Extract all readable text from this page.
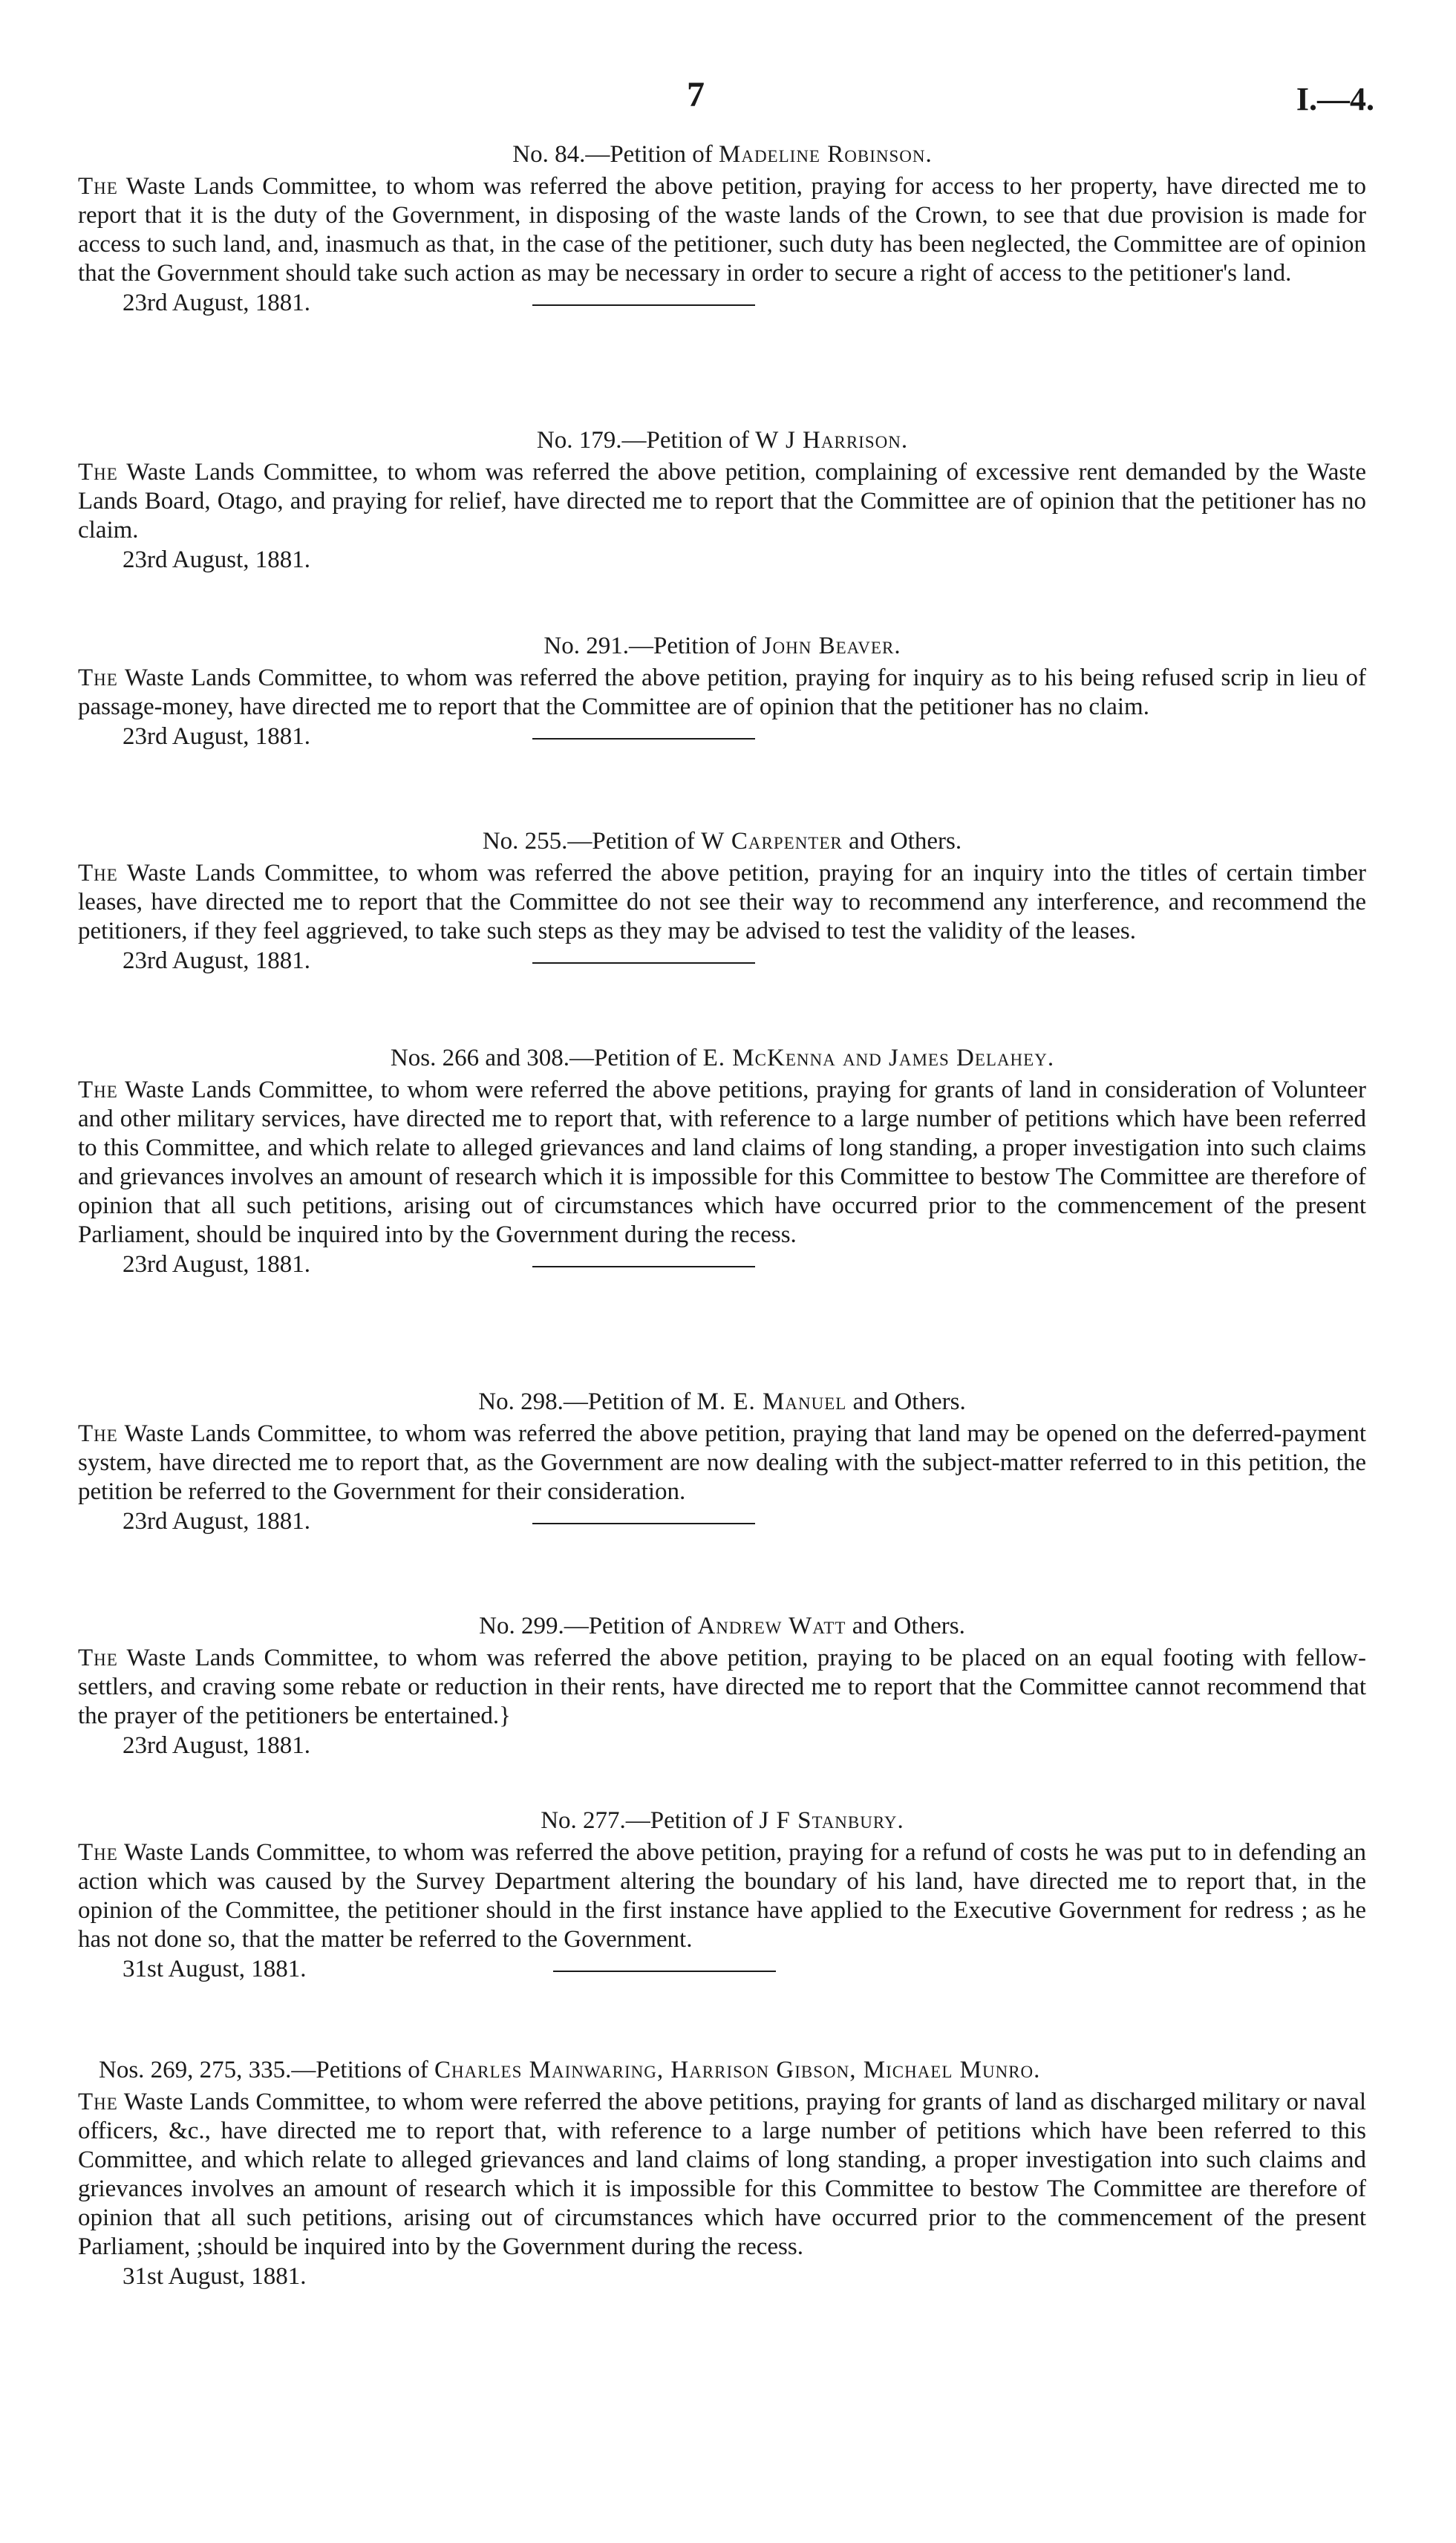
7	I.—4.
No. 84.—Petition of Madeline Robinson.

The Waste Lands Committee, to whom was referred the above petition, praying for access to her property, have directed me to report that it is the duty of the Government, in disposing of the waste lands of the Crown, to see that due provision is made for access to such land, and, inasmuch as that, in the case of the petitioner, such duty has been neglected, the Committee are of opinion that the Government should take such action as may be necessary in order to secure a right of access to the petitioner's land.

23rd August, 1881.
No. 179.—Petition of W J Harrison.

The Waste Lands Committee, to whom was referred the above petition, complaining of excessive rent demanded by the Waste Lands Board, Otago, and praying for relief, have directed me to report that the Committee are of opinion that the petitioner has no claim.

23rd August, 1881.
No. 291.—Petition of John Beaver.

The Waste Lands Committee, to whom was referred the above petition, praying for inquiry as to his being refused scrip in lieu of passage-money, have directed me to report that the Committee are of opinion that the petitioner has no claim.

23rd August, 1881.
No. 255.—Petition of W Carpenter and Others.

The Waste Lands Committee, to whom was referred the above petition, praying for an inquiry into the titles of certain timber leases, have directed me to report that the Committee do not see their way to recommend any interference, and recommend the petitioners, if they feel aggrieved, to take such steps as they may be advised to test the validity of the leases.

23rd August, 1881.
Nos. 266 and 308.—Petition of E. McKenna and James Delahey.

The Waste Lands Committee, to whom were referred the above petitions, praying for grants of land in consideration of Volunteer and other military services, have directed me to report that, with reference to a large number of petitions which have been referred to this Committee, and which relate to alleged grievances and land claims of long standing, a proper investigation into such claims and grievances involves an amount of research which it is impossible for this Committee to bestow The Committee are therefore of opinion that all such petitions, arising out of circumstances which have occurred prior to the commencement of the present Parliament, should be inquired into by the Government during the recess.

23rd August, 1881.
No. 298.—Petition of M. E. Manuel and Others.

The Waste Lands Committee, to whom was referred the above petition, praying that land may be opened on the deferred-payment system, have directed me to report that, as the Government are now dealing with the subject-matter referred to in this petition, the petition be referred to the Government for their consideration.

23rd August, 1881.
No. 299.—Petition of Andrew Watt and Others.

The Waste Lands Committee, to whom was referred the above petition, praying to be placed on an equal footing with fellow-settlers, and craving some rebate or reduction in their rents, have directed me to report that the Committee cannot recommend that the prayer of the petitioners be entertained.}

23rd August, 1881.
No. 277.—Petition of J F Stanbury.

The Waste Lands Committee, to whom was referred the above petition, praying for a refund of costs he was put to in defending an action which was caused by the Survey Department altering the boundary of his land, have directed me to report that, in the opinion of the Committee, the petitioner should in the first instance have applied to the Executive Government for redress ; as he has not done so, that the matter be referred to the Government.

31st August, 1881.
Nos. 269, 275, 335.—Petitions of Charles Mainwaring, Harrison Gibson, Michael Munro.

The Waste Lands Committee, to whom were referred the above petitions, praying for grants of land as discharged military or naval officers, &c., have directed me to report that, with reference to a large number of petitions which have been referred to this Committee, and which relate to alleged grievances and land claims of long standing, a proper investigation into such claims and grievances involves an amount of research which it is impossible for this Committee to bestow The Committee are therefore of opinion that all such petitions, arising out of circumstances which have occurred prior to the commencement of the present Parliament, ;should be inquired into by the Government during the recess.

31st August, 1881.
